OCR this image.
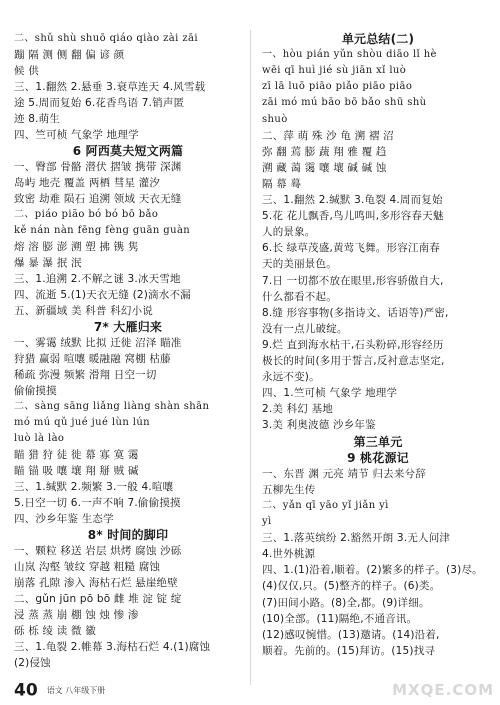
二、shǔ shù shuō qiáo qiào zài zāi
蹦 隔 测 侧 翻 偏 谚 颜
候 供
三、1.翻然 2.悬垂 3.衰草连天 4.风雪载
途 5.周而复始 6.花香鸟语 7.销声匿
迹 8.萌生
四、竺可桢 气象学 地理学
6 阿西莫夫短文两篇
一、臀部 骨骼 潜伏 摺皱 携带 深渊
岛屿 地壳 覆盖 两栖 彗星 灌汐
致密 劫难 陨石 追溯 领域 天衣无缝
二、piáo pião bó bó bō bǎo
kě nán nàn fēng fèng guān guàn
熔 溶 膨 澎 溯 塑 拂 镌 隽
爆 暴 瀑 抿 泯
三、1.追溯 2.不解之谜 3.冰天雪地
四、流逝 5.(1)天衣无缝 (2)滴水不漏
五、新疆域 美 科普 科幻小说
7* 大雁归来
一、雾霭 绒默 比拟 迁徙 沼泽 瞄准
狩猎 赢弱 喧嚷 暖融融 窝棚 枯藤
稀疏 弥漫 频繁 滑翔 日空一切
偷偷摸摸
二、sàng sāng liǎng liàng shàn shān
mó mú qǔ jué jué lùn lún
luò là lào
瞄 猎 狩 徒 徙 幕 寡 寞 霭
瞄 锚 吸 嚷 壤 翔 掰 贼 碱
三、1.缄默 2.频繁 3.一般 4.喧嚷
5.日空一切 6.一声不响 7.偷偷摸摸
四、沙乡年鉴 生态学
8* 时间的脚印
一、颗粒 移送 岩层 烘烤 腐蚀 沙砾
山岚 沟壑 皱纹 穿越 粗糙 腐蚀
崩落 孔隙 渗入 海枯石烂 悬崖绝壁
二、gǔn jūn pō bō 雌 堆 淀 锭 绽
浸 蒸 蒸 崩 棚 蚀 烛 惨 渗
砾 栎 绫 读 微 徽
三、1.龟裂 2.帷幕 3.海枯石烂 4.(1)腐蚀
(2)侵蚀
单元总结(二)
一、hòu pián yǔn shòu diāo lǐ hè
wēi qī huì jié sù jiān xǐ luò
zī lā luō piāo piǎo piāo piāo
zāi mó mú bāo bō bǎo shū shù
shuò
二、萍 萌 殊 沙 龟 溯 褶 沼
弥 翻 蔫 膨 蔬 翔 雅 覆 趋
溯 藏 蔼 霭 嚷 壤 碱 碱 蚀
隔 幕 蓦
三、1.翻然 2.缄默 3.龟裂 4.周而复始
5.花 花儿飘香,鸟儿鸣叫,多形容春天魅
人的景象。
6.长 绿草茂盛,黄莺飞舞。形容江南春
天的美丽景色。
7.日 一切都不放在眼里,形容骄傲自大,
什么都看不起。
8.缝 形容事物(多指诗文、话语等)严密,
没有一点儿破绽。
9.烂 直到海水枯干,石头粉碎,形容经历
极长的时间(多用于誓言,反衬意志坚定,
永远不变)。
四、1.竺可桢 气象学 地理学
2.美 科幻 基地
3.美 利奥波德 沙乡年鉴
第三单元
9 桃花源记
一、东晋 渊 元亮 靖节 归去来兮辞
五柳先生传
二、yǎn qī yāo yǐ jiǎn yì
yì
三、1.落英缤纷 2.豁然开朗 3.无人问津
4.世外桃源
四、1.(1)沿着,顺着。(2)繁多的样子。(3)尽。
(4)仅仅,只。(5)整齐的样子。(6)类。
(7)田间小路。(8)全,都。(9)详细。
(10)全部。(11)隔绝,不通音讯。
(12)感叹惋惜。(13)邀请。(14)沿着,
顺着。先前的。(15)拜访。(15)找寻
40 语文 八年级下册	MXQE.COM
